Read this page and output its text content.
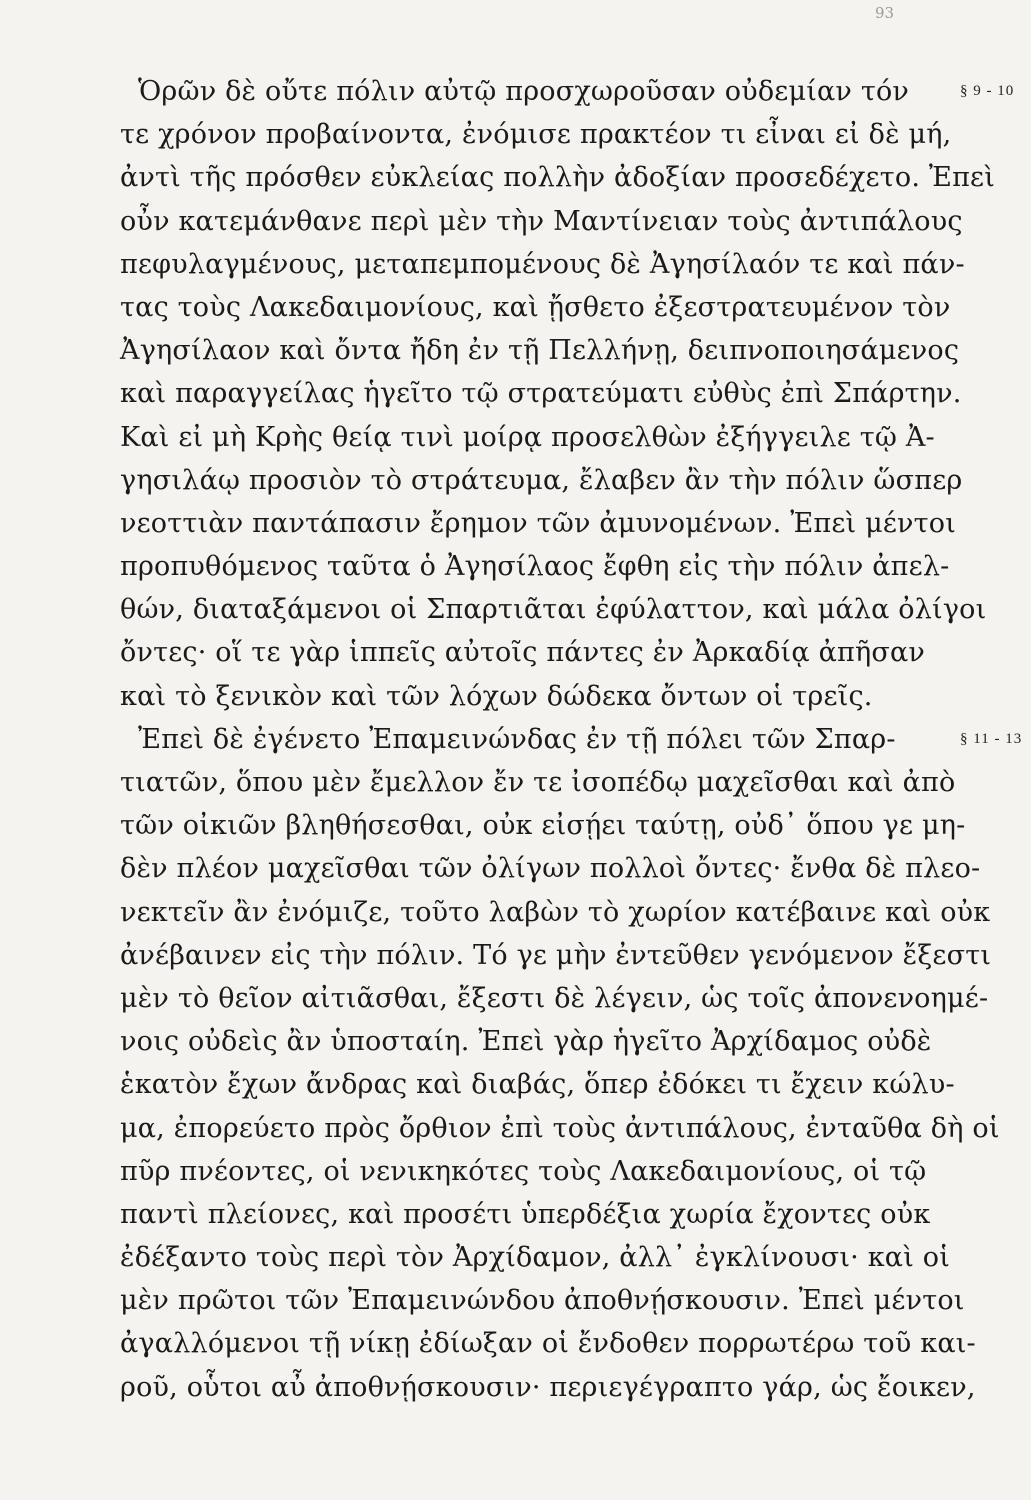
93
Ὁρῶν δὲ οὔτε πόλιν αὐτῷ προσχωροῦσαν οὐδεμίαν τόν	§ 9 - 10
τε χρόνον προβαίνοντα, ἐνόμισε πρακτέον τι εἶναι εἰ δὲ μή,
ἀντὶ τῆς πρόσθεν εὐκλείας πολλὴν ἀδοξίαν προσεδέχετο. Ἐπεὶ
οὖν κατεμάνθανε περὶ μὲν τὴν Μαντίνειαν τοὺς ἀντιπάλους
πεφυλαγμένους, μεταπεμπομένους δὲ Ἀγησίλαόν τε καὶ πάν-
τας τοὺς Λακεδαιμονίους, καὶ ᾔσθετο ἐξεστρατευμένον τὸν
Ἀγησίλαον καὶ ὄντα ἤδη ἐν τῇ Πελλήνῃ, δειπνοποιησάμενος
καὶ παραγγείλας ἡγεῖτο τῷ στρατεύματι εὐθὺς ἐπὶ Σπάρτην.
Καὶ εἰ μὴ Κρὴς θείᾳ τινὶ μοίρᾳ προσελθὼν ἐξήγγειλε τῷ Ἀ-
γησιλάῳ προσιὸν τὸ στράτευμα, ἔλαβεν ἂν τὴν πόλιν ὥσπερ
νεοττιὰν παντάπασιν ἔρημον τῶν ἀμυνομένων. Ἐπεὶ μέντοι
προπυθόμενος ταῦτα ὁ Ἀγησίλαος ἔφθη εἰς τὴν πόλιν ἀπελ-
θών, διαταξάμενοι οἱ Σπαρτιᾶται ἐφύλαττον, καὶ μάλα ὀλίγοι
ὄντες· οἵ τε γὰρ ἱππεῖς αὐτοῖς πάντες ἐν Ἀρκαδίᾳ ἀπῆσαν
καὶ τὸ ξενικὸν καὶ τῶν λόχων δώδεκα ὄντων οἱ τρεῖς.
Ἐπεὶ δὲ ἐγένετο Ἐπαμεινώνδας ἐν τῇ πόλει τῶν Σπαρ-	§ 11 - 13
τιατῶν, ὅπου μὲν ἔμελλον ἔν τε ἰσοπέδῳ μαχεῖσθαι καὶ ἀπὸ
τῶν οἰκιῶν βληθήσεσθαι, οὐκ εἰσῄει ταύτῃ, οὐδ᾽ ὅπου γε μη-
δὲν πλέον μαχεῖσθαι τῶν ὀλίγων πολλοὶ ὄντες· ἔνθα δὲ πλεο-
νεκτεῖν ἂν ἐνόμιζε, τοῦτο λαβὼν τὸ χωρίον κατέβαινε καὶ οὐκ
ἀνέβαινεν εἰς τὴν πόλιν. Τό γε μὴν ἐντεῦθεν γενόμενον ἔξεστι
μὲν τὸ θεῖον αἰτιᾶσθαι, ἔξεστι δὲ λέγειν, ὡς τοῖς ἀπονενοημέ-
νοις οὐδεὶς ἂν ὑποσταίη. Ἐπεὶ γὰρ ἡγεῖτο Ἀρχίδαμος οὐδὲ
ἑκατὸν ἔχων ἄνδρας καὶ διαβάς, ὅπερ ἐδόκει τι ἔχειν κώλυ-
μα, ἐπορεύετο πρὸς ὄρθιον ἐπὶ τοὺς ἀντιπάλους, ἐνταῦθα δὴ οἱ
πῦρ πνέοντες, οἱ νενικηκότες τοὺς Λακεδαιμονίους, οἱ τῷ
παντὶ πλείονες, καὶ προσέτι ὑπερδέξια χωρία ἔχοντες οὐκ
ἐδέξαντο τοὺς περὶ τὸν Ἀρχίδαμον, ἀλλ᾽ ἐγκλίνουσι· καὶ οἱ
μὲν πρῶτοι τῶν Ἐπαμεινώνδου ἀποθνῄσκουσιν. Ἐπεὶ μέντοι
ἀγαλλόμενοι τῇ νίκῃ ἐδίωξαν οἱ ἔνδοθεν πορρωτέρω τοῦ και-
ροῦ, οὗτοι αὖ ἀποθνῄσκουσιν· περιεγέγραπτο γάρ, ὡς ἔοικεν,
